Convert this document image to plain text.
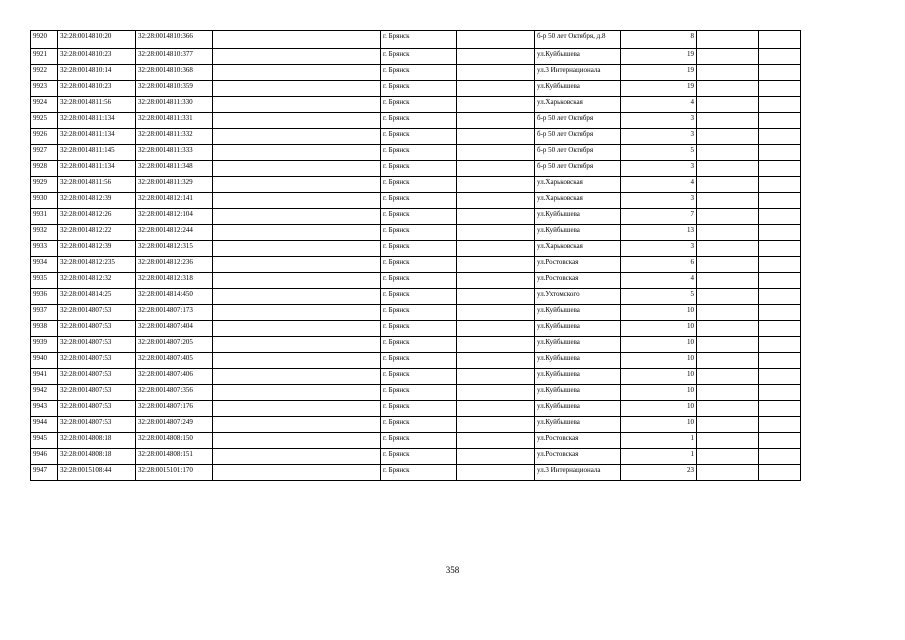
9920	32:28:0014810:20	32:28:0014810:366		г. Брянск		б-р 50 лет Октября, д.8	8		
9921	32:28:0014810:23	32:28:0014810:377		г. Брянск		ул.Куйбышева	19		
9922	32:28:0014810:14	32:28:0014810:368		г. Брянск		ул.3 Интернационала	19		
9923	32:28:0014810:23	32:28:0014810:359		г. Брянск		ул.Куйбышева	19		
9924	32:28:0014811:56	32:28:0014811:330		г. Брянск		ул.Харьковская	4		
9925	32:28:0014811:134	32:28:0014811:331		г. Брянск		б-р 50 лет Октября	3		
9926	32:28:0014811:134	32:28:0014811:332		г. Брянск		б-р 50 лет Октября	3		
9927	32:28:0014811:145	32:28:0014811:333		г. Брянск		б-р 50 лет Октября	5		
9928	32:28:0014811:134	32:28:0014811:348		г. Брянск		б-р 50 лет Октября	3		
9929	32:28:0014811:56	32:28:0014811:329		г. Брянск		ул.Харьковская	4		
9930	32:28:0014812:39	32:28:0014812:141		г. Брянск		ул.Харьковская	3		
9931	32:28:0014812:26	32:28:0014812:104		г. Брянск		ул.Куйбышева	7		
9932	32:28:0014812:22	32:28:0014812:244		г. Брянск		ул.Куйбышева	13		
9933	32:28:0014812:39	32:28:0014812:315		г. Брянск		ул.Харьковская	3		
9934	32:28:0014812:235	32:28:0014812:236		г. Брянск		ул.Ростовская	6		
9935	32:28:0014812:32	32:28:0014812:318		г. Брянск		ул.Ростовская	4		
9936	32:28:0014814:25	32:28:0014814:450		г. Брянск		ул.Ухтомского	5		
9937	32:28:0014807:53	32:28:0014807:173		г. Брянск		ул.Куйбышева	10		
9938	32:28:0014807:53	32:28:0014807:404		г. Брянск		ул.Куйбышева	10		
9939	32:28:0014807:53	32:28:0014807:205		г. Брянск		ул.Куйбышева	10		
9940	32:28:0014807:53	32:28:0014807:405		г. Брянск		ул.Куйбышева	10		
9941	32:28:0014807:53	32:28:0014807:406		г. Брянск		ул.Куйбышева	10		
9942	32:28:0014807:53	32:28:0014807:356		г. Брянск		ул.Куйбышева	10		
9943	32:28:0014807:53	32:28:0014807:176		г. Брянск		ул.Куйбышева	10		
9944	32:28:0014807:53	32:28:0014807:249		г. Брянск		ул.Куйбышева	10		
9945	32:28:0014808:18	32:28:0014808:150		г. Брянск		ул.Ростовская	1		
9946	32:28:0014808:18	32:28:0014808:151		г. Брянск		ул.Ростовская	1		
9947	32:28:0015108:44	32:28:0015101:170		г. Брянск		ул.3 Интернационала	23		
358
